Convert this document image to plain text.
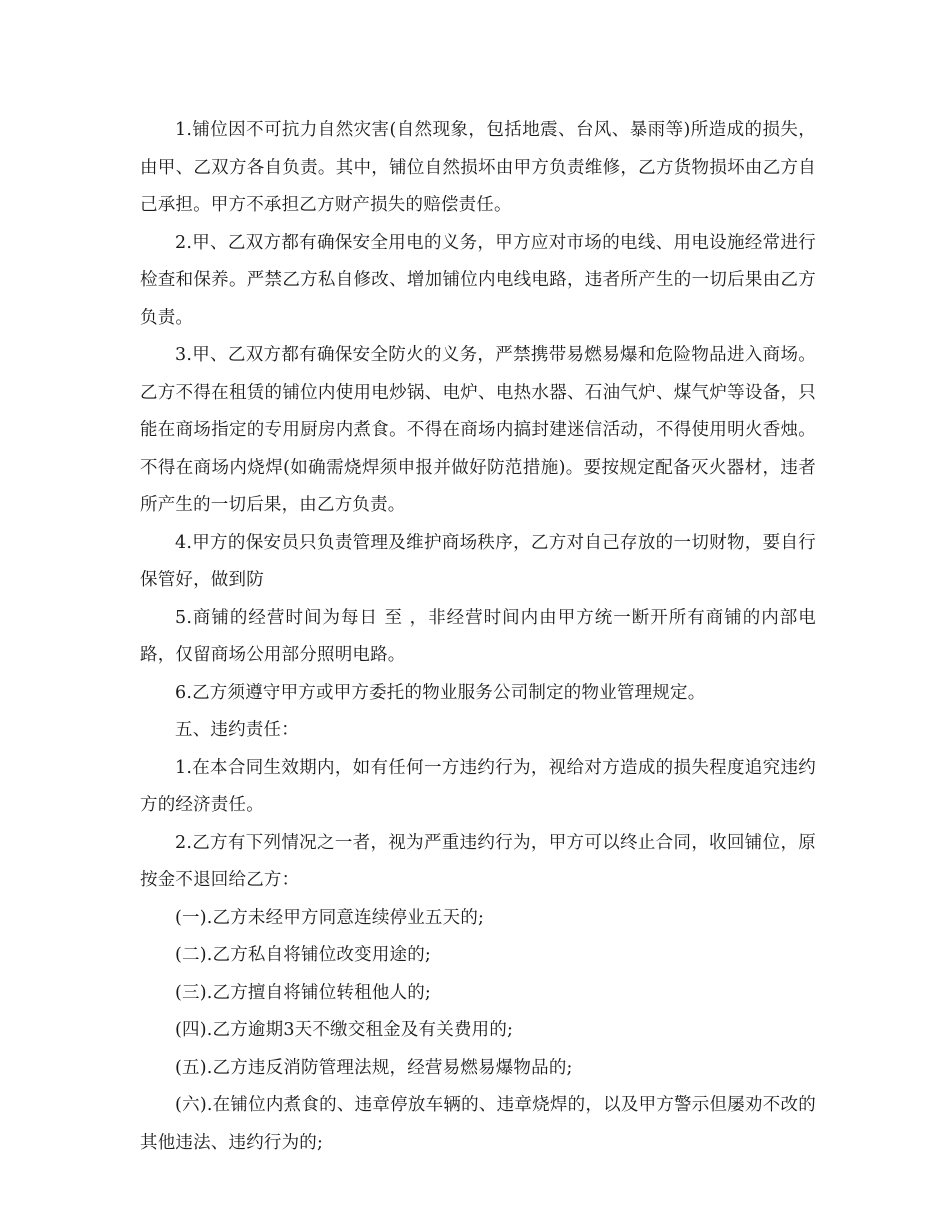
1.铺位因不可抗力自然灾害(自然现象，包括地震、台风、暴雨等)所造成的损失，由甲、乙双方各自负责。其中，铺位自然损坏由甲方负责维修，乙方货物损坏由乙方自己承担。甲方不承担乙方财产损失的赔偿责任。

2.甲、乙双方都有确保安全用电的义务，甲方应对市场的电线、用电设施经常进行检查和保养。严禁乙方私自修改、增加铺位内电线电路，违者所产生的一切后果由乙方负责。

3.甲、乙双方都有确保安全防火的义务，严禁携带易燃易爆和危险物品进入商场。乙方不得在租赁的铺位内使用电炒锅、电炉、电热水器、石油气炉、煤气炉等设备，只能在商场指定的专用厨房内煮食。不得在商场内搞封建迷信活动，不得使用明火香烛。不得在商场内烧焊(如确需烧焊须申报并做好防范措施)。要按规定配备灭火器材，违者所产生的一切后果，由乙方负责。

4.甲方的保安员只负责管理及维护商场秩序，乙方对自己存放的一切财物，要自行保管好，做到防

5.商铺的经营时间为每日 至 ，非经营时间内由甲方统一断开所有商铺的内部电路，仅留商场公用部分照明电路。

6.乙方须遵守甲方或甲方委托的物业服务公司制定的物业管理规定。

五、违约责任：

1.在本合同生效期内，如有任何一方违约行为，视给对方造成的损失程度追究违约方的经济责任。

2.乙方有下列情况之一者，视为严重违约行为，甲方可以终止合同，收回铺位，原按金不退回给乙方：

(一).乙方未经甲方同意连续停业五天的;

(二).乙方私自将铺位改变用途的;

(三).乙方擅自将铺位转租他人的;

(四).乙方逾期3天不缴交租金及有关费用的;

(五).乙方违反消防管理法规，经营易燃易爆物品的;

(六).在铺位内煮食的、违章停放车辆的、违章烧焊的，以及甲方警示但屡劝不改的其他违法、违约行为的;
